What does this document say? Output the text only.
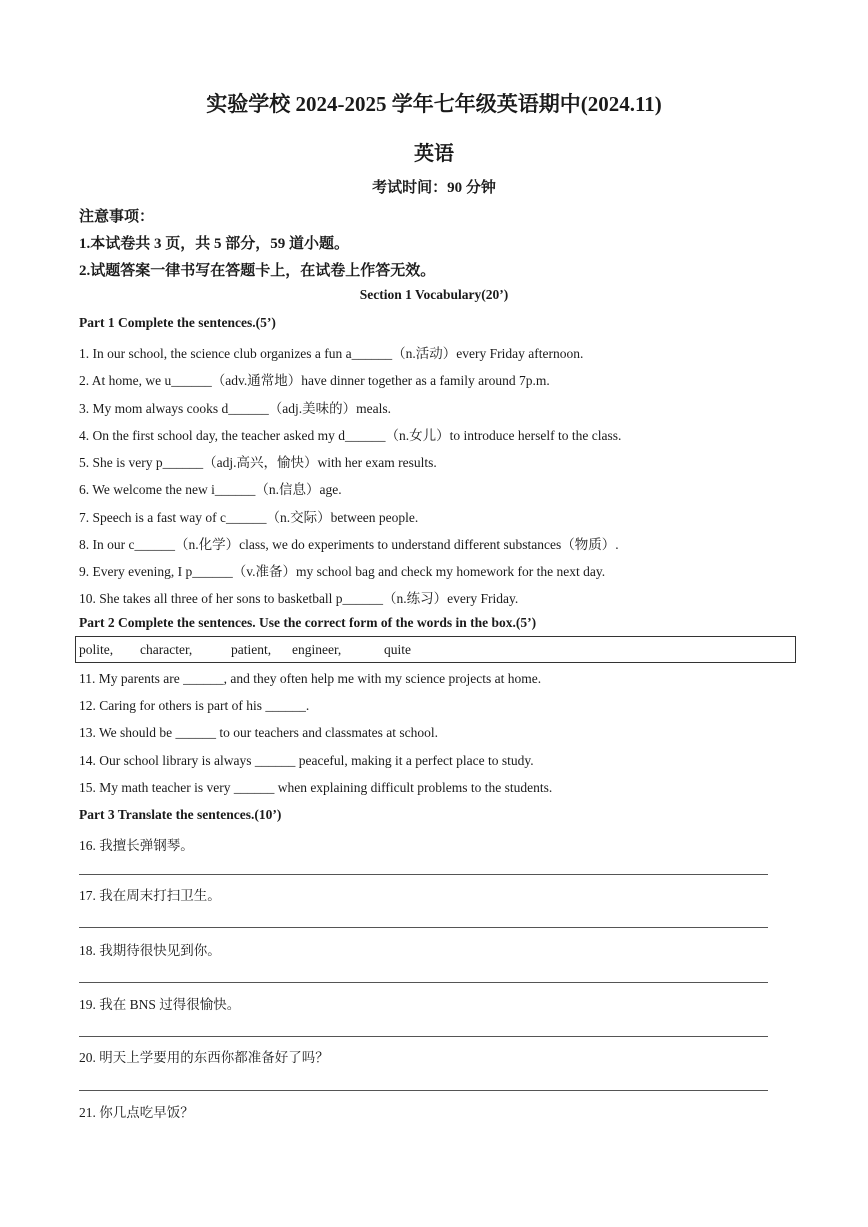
实验学校 2024-2025 学年七年级英语期中(2024.11)
英语
考试时间：90 分钟
注意事项：
1.本试卷共 3 页，共 5 部分，59 道小题。
2.试题答案一律书写在答题卡上，在试卷上作答无效。
Section 1 Vocabulary(20’)
Part 1 Complete the sentences.(5’)
1. In our school, the science club organizes a fun a______（n.活动）every Friday afternoon.
2. At home, we u______（adv.通常地）have dinner together as a family around 7p.m.
3. My mom always cooks d______（adj.美味的）meals.
4. On the first school day, the teacher asked my d______（n.女儿）to introduce herself to the class.
5. She is very p______（adj.高兴，愉快）with her exam results.
6. We welcome the new i______（n.信息）age.
7. Speech is a fast way of c______（n.交际）between people.
8. In our c______（n.化学）class, we do experiments to understand different substances（物质）.
9. Every evening, I p______（v.准备）my school bag and check my homework for the next day.
10. She takes all three of her sons to basketball p______（n.练习）every Friday.
Part 2 Complete the sentences. Use the correct form of the words in the box.(5’)
polite, character,	patient, engineer,	quite
11. My parents are ______, and they often help me with my science projects at home.
12. Caring for others is part of his ______.
13. We should be ______ to our teachers and classmates at school.
14. Our school library is always ______ peaceful, making it a perfect place to study.
15. My math teacher is very ______ when explaining difficult problems to the students.
Part 3 Translate the sentences.(10’)
16. 我擅长弹钢琴。
17. 我在周末打扫卫生。
18. 我期待很快见到你。
19. 我在 BNS 过得很愉快。
20. 明天上学要用的东西你都准备好了吗？
21. 你几点吃早饭？
